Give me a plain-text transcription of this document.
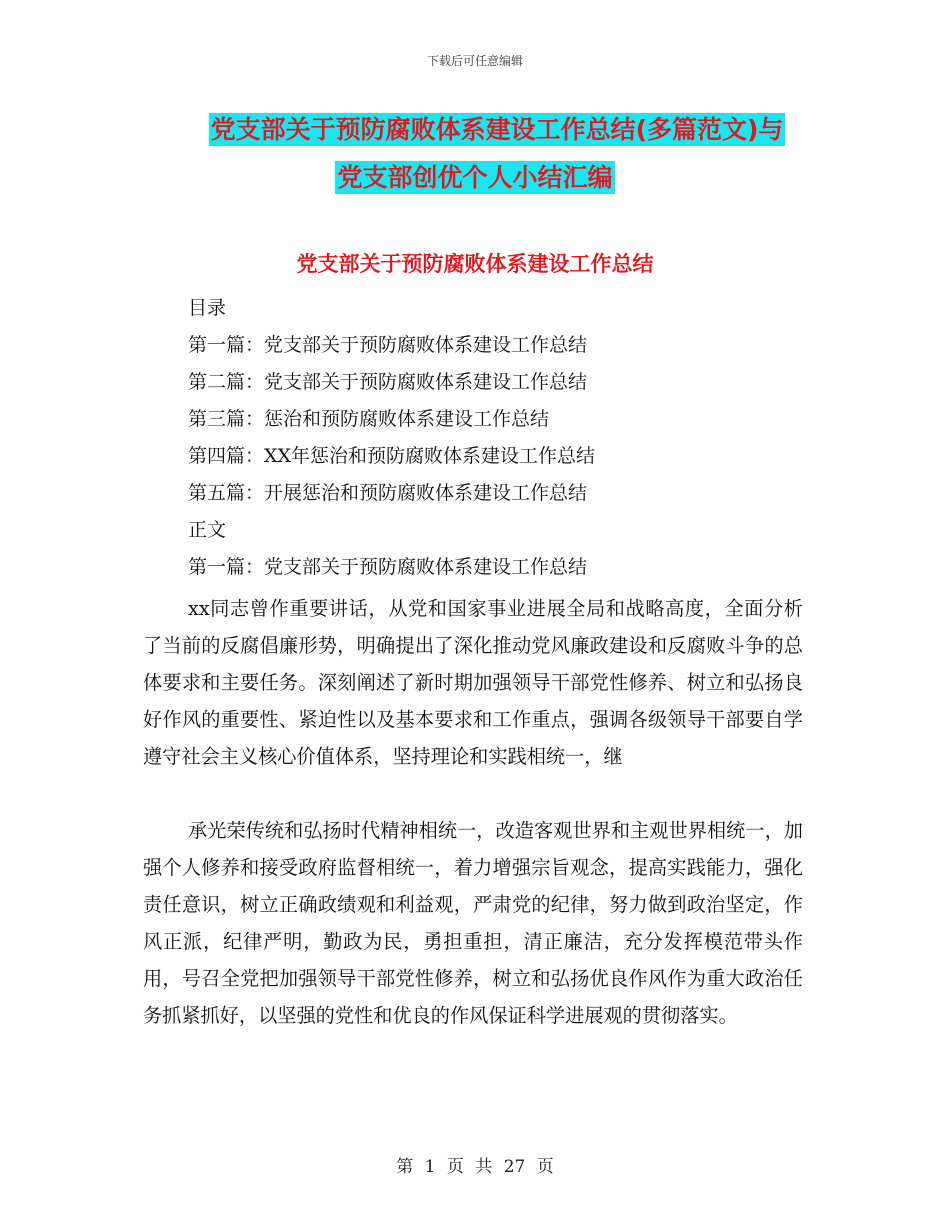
下载后可任意编辑
党支部关于预防腐败体系建设工作总结(多篇范文)与
党支部创优个人小结汇编
党支部关于预防腐败体系建设工作总结
目录
第一篇：党支部关于预防腐败体系建设工作总结
第二篇：党支部关于预防腐败体系建设工作总结
第三篇：惩治和预防腐败体系建设工作总结
第四篇：XX年惩治和预防腐败体系建设工作总结
第五篇：开展惩治和预防腐败体系建设工作总结
正文
第一篇：党支部关于预防腐败体系建设工作总结

xx同志曾作重要讲话，从党和国家事业进展全局和战略高度，全面分析了当前的反腐倡廉形势，明确提出了深化推动党风廉政建设和反腐败斗争的总体要求和主要任务。深刻阐述了新时期加强领导干部党性修养、树立和弘扬良好作风的重要性、紧迫性以及基本要求和工作重点，强调各级领导干部要自学遵守社会主义核心价值体系，坚持理论和实践相统一，继

承光荣传统和弘扬时代精神相统一，改造客观世界和主观世界相统一，加强个人修养和接受政府监督相统一，着力增强宗旨观念，提高实践能力，强化责任意识，树立正确政绩观和利益观，严肃党的纪律，努力做到政治坚定，作风正派，纪律严明，勤政为民，勇担重担，清正廉洁，充分发挥模范带头作用，号召全党把加强领导干部党性修养，树立和弘扬优良作风作为重大政治任务抓紧抓好，以坚强的党性和优良的作风保证科学进展观的贯彻落实。

第 1 页 共 27 页
